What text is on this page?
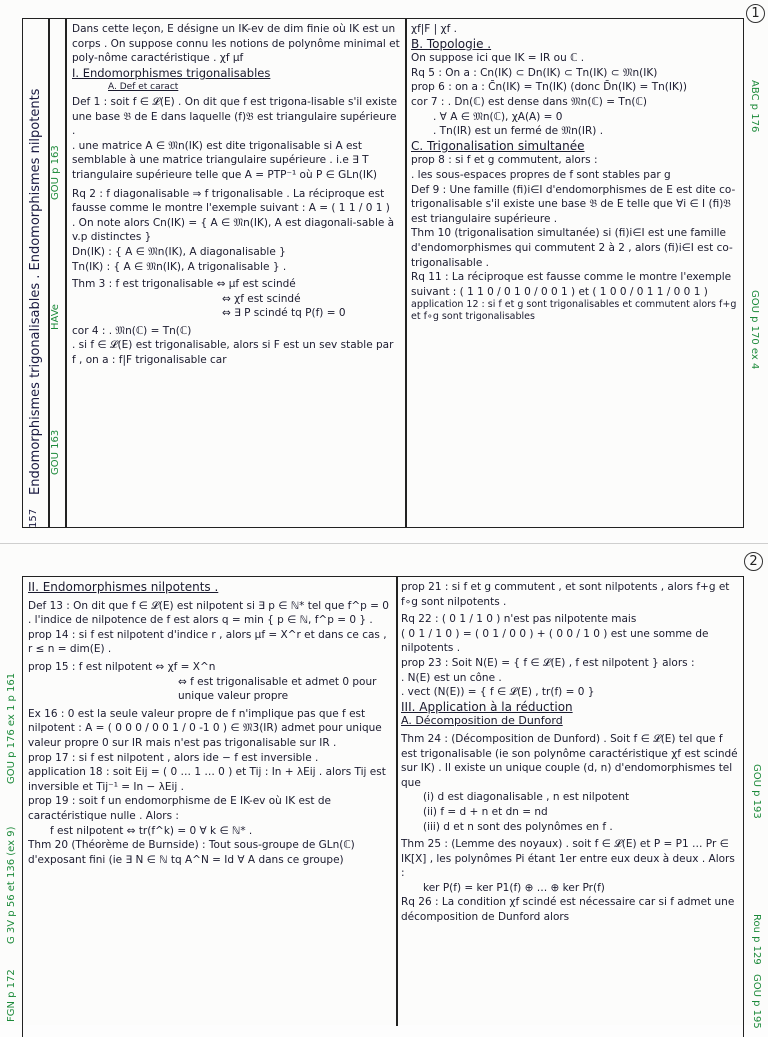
1
Endomorphismes trigonalisables . Endomorphismes nilpotents
157
GOU p 163
HAVe
GOU 163
ABC p 176
GOU p 170 ex 4

Dans cette leçon, E désigne un IK-ev de dim finie où IK est un corps . On suppose connu les notions de polynôme minimal et poly-nôme caractéristique . χf μf

I. Endomorphismes trigonalisables

A. Def et caract

Def 1 : soit f ∈ 𝓛(E) . On dit que f est trigona-lisable s'il existe une base 𝔅 de E dans laquelle (f)𝔅 est triangulaire supérieure .

. une matrice A ∈ 𝔐n(IK) est dite trigonalisable si A est semblable à une matrice triangulaire supérieure . i.e ∃ T triangulaire supérieure telle que A = PTP⁻¹ où P ∈ GLn(IK)

Rq 2 : f diagonalisable ⇒ f trigonalisable . La réciproque est fausse comme le montre l'exemple suivant : A = ( 1 1 / 0 1 )

. On note alors Cn(IK) = { A ∈ 𝔐n(IK), A est diagonali-sable à v.p distinctes }

Dn(IK) : { A ∈ 𝔐n(IK), A diagonalisable }

Tn(IK) : { A ∈ 𝔐n(IK), A trigonalisable } .

Thm 3 : f est trigonalisable ⇔ μf est scindé

⇔ χf est scindé

⇔ ∃ P scindé tq P(f) = 0

cor 4 : . 𝔐n(ℂ) = Tn(ℂ)

. si f ∈ 𝓛(E) est trigonalisable, alors si F est un sev stable par f , on a : f|F trigonalisable car

χf|F | χf .

B. Topologie .

On suppose ici que IK = IR ou ℂ .

Rq 5 : On a : Cn(IK) ⊂ Dn(IK) ⊂ Tn(IK) ⊂ 𝔐n(IK)

prop 6 : on a : C̄n(IK) = Tn(IK) (donc D̄n(IK) = Tn(IK))

cor 7 : . Dn(ℂ) est dense dans 𝔐n(ℂ) = Tn(ℂ)

. ∀ A ∈ 𝔐n(ℂ), χA(A) = 0

. Tn(IR) est un fermé de 𝔐n(IR) .

C. Trigonalisation simultanée

prop 8 : si f et g commutent, alors :

. les sous-espaces propres de f sont stables par g

Def 9 : Une famille (fi)i∈I d'endomorphismes de E est dite co-trigonalisable s'il existe une base 𝔅 de E telle que ∀i ∈ I (fi)𝔅 est triangulaire supérieure .

Thm 10 (trigonalisation simultanée) si (fi)i∈I est une famille d'endomorphismes qui commutent 2 à 2 , alors (fi)i∈I est co-trigonalisable .

Rq 11 : La réciproque est fausse comme le montre l'exemple suivant : ( 1 1 0 / 0 1 0 / 0 0 1 ) et ( 1 0 0 / 0 1 1 / 0 0 1 )

application 12 : si f et g sont trigonalisables et commutent alors f+g et f∘g sont trigonalisables

2
GOU p 176 ex 1 p 161
G 3V p 56 et 136 (ex 9)
FGN p 172
GOU p 193
Rou p 129
GOU p 195

II. Endomorphismes nilpotents .

Def 13 : On dit que f ∈ 𝓛(E) est nilpotent si ∃ p ∈ ℕ* tel que f^p = 0 . l'indice de nilpotence de f est alors q = min { p ∈ ℕ, f^p = 0 } .

prop 14 : si f est nilpotent d'indice r , alors μf = X^r et dans ce cas , r ≤ n = dim(E) .

prop 15 : f est nilpotent ⇔ χf = X^n

⇔ f est trigonalisable et admet 0 pour unique valeur propre

Ex 16 : 0 est la seule valeur propre de f n'implique pas que f est nilpotent : A = ( 0 0 0 / 0 0 1 / 0 -1 0 ) ∈ 𝔐3(IR) admet pour unique valeur propre 0 sur IR mais n'est pas trigonalisable sur IR .

prop 17 : si f est nilpotent , alors ide − f est inversible .

application 18 : soit Eij = ( 0 … 1 … 0 ) et Tij : In + λEij . alors Tij est inversible et Tij⁻¹ = In − λEij .

prop 19 : soit f un endomorphisme de E IK-ev où IK est de caractéristique nulle . Alors :

f est nilpotent ⇔ tr(f^k) = 0 ∀ k ∈ ℕ* .

Thm 20 (Théorème de Burnside) : Tout sous-groupe de GLn(ℂ) d'exposant fini (ie ∃ N ∈ ℕ tq A^N = Id ∀ A dans ce groupe)

prop 21 : si f et g commutent , et sont nilpotents , alors f+g et f∘g sont nilpotents .

Rq 22 : ( 0 1 / 1 0 ) n'est pas nilpotente mais

( 0 1 / 1 0 ) = ( 0 1 / 0 0 ) + ( 0 0 / 1 0 ) est une somme de nilpotents .

prop 23 : Soit N(E) = { f ∈ 𝓛(E) , f est nilpotent } alors :

. N(E) est un cône .

. vect (N(E)) = { f ∈ 𝓛(E) , tr(f) = 0 }

III. Application à la réduction

A. Décomposition de Dunford

Thm 24 : (Décomposition de Dunford) . Soit f ∈ 𝓛(E) tel que f est trigonalisable (ie son polynôme caractéristique χf est scindé sur IK) . Il existe un unique couple (d, n) d'endomorphismes tel que

(i) d est diagonalisable , n est nilpotent

(ii) f = d + n et dn = nd

(iii) d et n sont des polynômes en f .

Thm 25 : (Lemme des noyaux) . soit f ∈ 𝓛(E) et P = P1 … Pr ∈ IK[X] , les polynômes Pi étant 1er entre eux deux à deux . Alors :

ker P(f) = ker P1(f) ⊕ … ⊕ ker Pr(f)

Rq 26 : La condition χf scindé est nécessaire car si f admet une décomposition de Dunford alors
